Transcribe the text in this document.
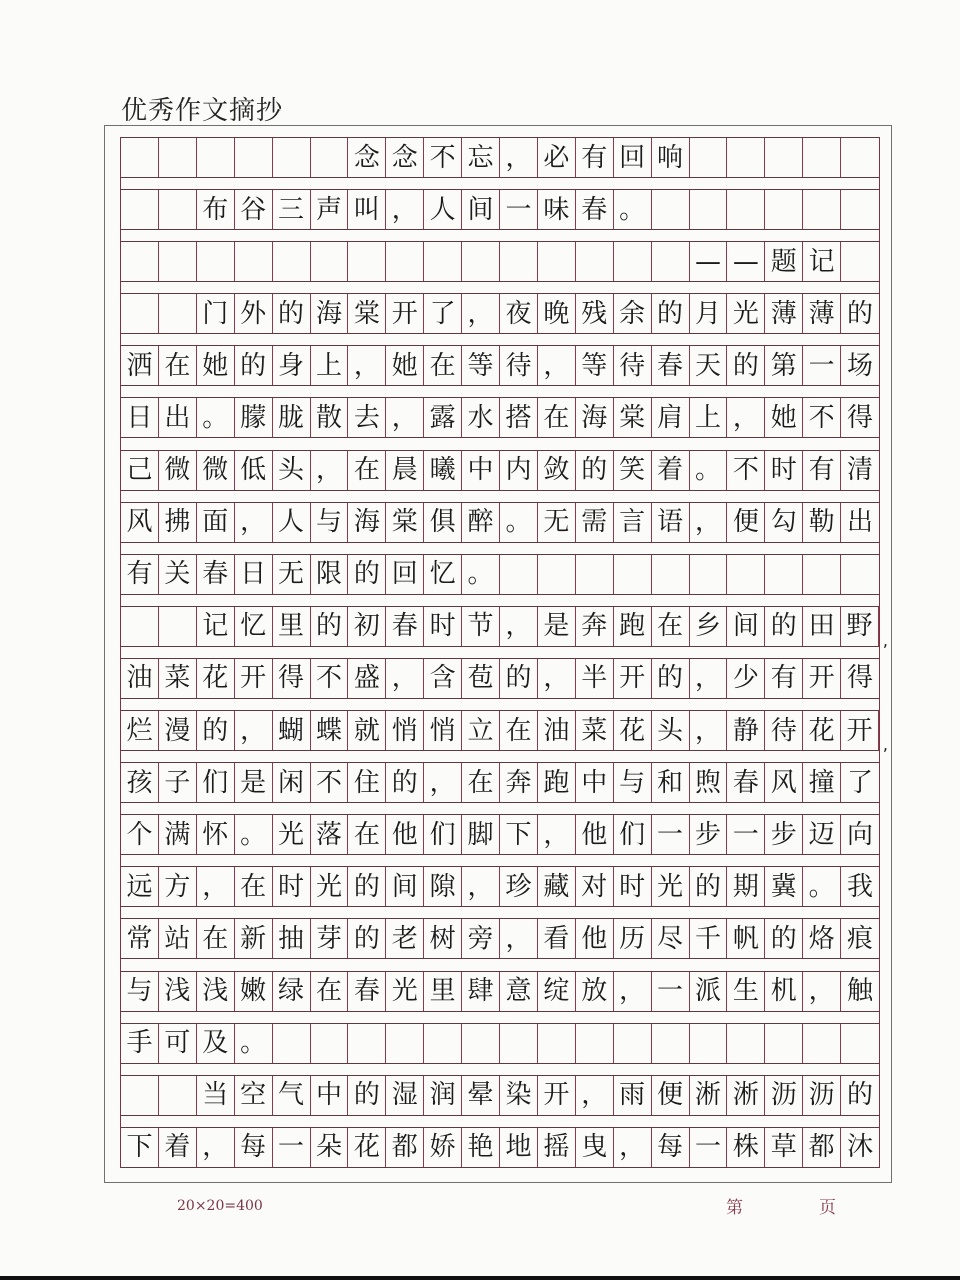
优秀作文摘抄
念 念 不 忘 ， 必 有 回 响
布 谷 三 声 叫 ， 人 间 一 味 春 。
— — 题 记
门 外 的 海 棠 开 了 ， 夜 晚 残 余 的 月 光 薄 薄 的
洒 在 她 的 身 上 ， 她 在 等 待 ， 等 待 春 天 的 第 一 场
日 出 。 朦 胧 散 去 ， 露 水 搭 在 海 棠 肩 上 ， 她 不 得
己 微 微 低 头 ， 在 晨 曦 中 内 敛 的 笑 着 。 不 时 有 清
风 拂 面 ， 人 与 海 棠 俱 醉 。 无 需 言 语 ， 便 勾 勒 出
有 关 春 日 无 限 的 回 忆 。
记 忆 里 的 初 春 时 节 ， 是 奔 跑 在 乡 间 的 田 野 ,
油 菜 花 开 得 不 盛 ， 含 苞 的 ， 半 开 的 ， 少 有 开 得
烂 漫 的 ， 蝴 蝶 就 悄 悄 立 在 油 菜 花 头 ， 静 待 花 开 ,
孩 子 们 是 闲 不 住 的 ， 在 奔 跑 中 与 和 煦 春 风 撞 了
个 满 怀 。 光 落 在 他 们 脚 下 ， 他 们 一 步 一 步 迈 向
远 方 ， 在 时 光 的 间 隙 ， 珍 藏 对 时 光 的 期 冀 。 我
常 站 在 新 抽 芽 的 老 树 旁 ， 看 他 历 尽 千 帆 的 烙 痕
与 浅 浅 嫩 绿 在 春 光 里 肆 意 绽 放 ， 一 派 生 机 ， 触
手 可 及 。
当 空 气 中 的 湿 润 晕 染 开 ， 雨 便 淅 淅 沥 沥 的
下 着 ， 每 一 朵 花 都 娇 艳 地 摇 曳 ， 每 一 株 草 都 沐
20×20=400	第	页
